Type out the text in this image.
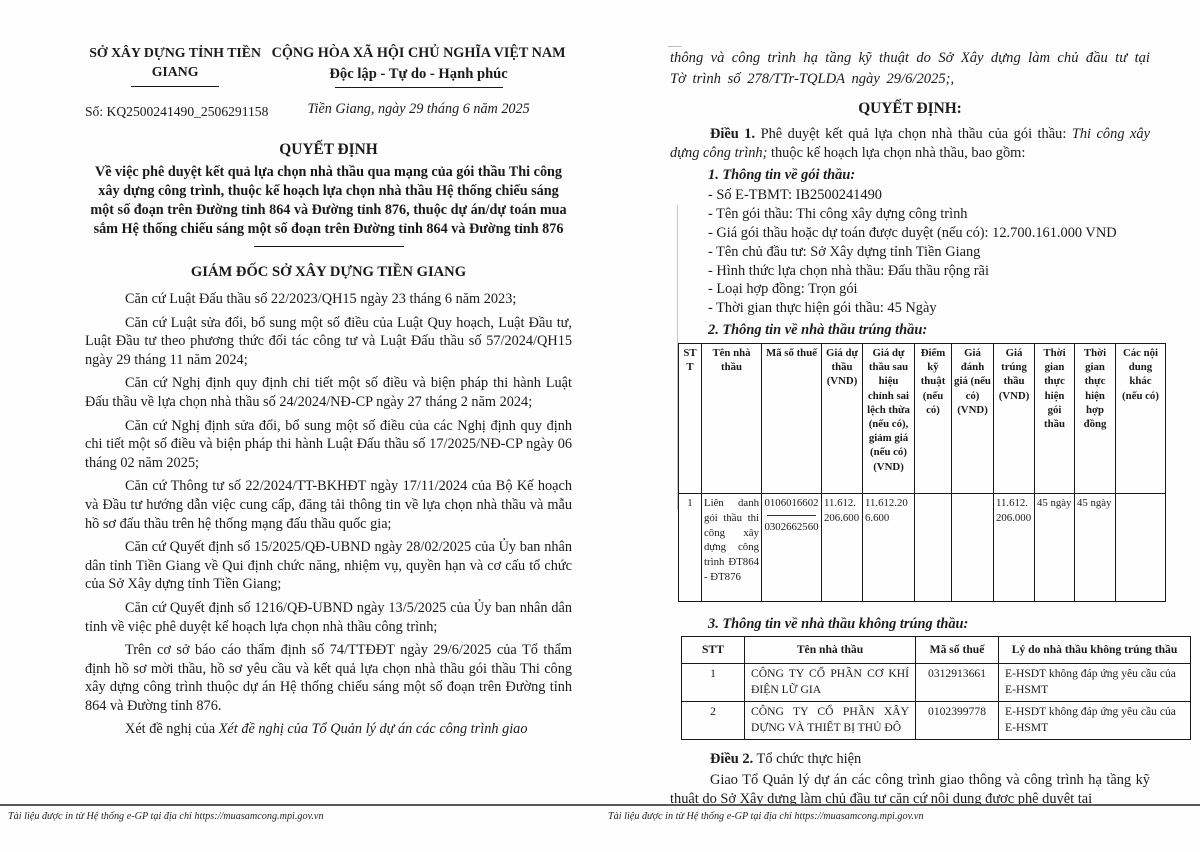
SỞ XÂY DỰNG TỈNH TIỀN GIANG
Số: KQ2500241490_2506291158
CỘNG HÒA XÃ HỘI CHỦ NGHĨA VIỆT NAM
Độc lập - Tự do - Hạnh phúc
Tiền Giang, ngày 29 tháng 6 năm 2025
QUYẾT ĐỊNH
Về việc phê duyệt kết quả lựa chọn nhà thầu qua mạng của gói thầu Thi công xây dựng công trình, thuộc kế hoạch lựa chọn nhà thầu Hệ thống chiếu sáng một số đoạn trên Đường tỉnh 864 và Đường tỉnh 876, thuộc dự án/dự toán mua sắm Hệ thống chiếu sáng một số đoạn trên Đường tỉnh 864 và Đường tỉnh 876
GIÁM ĐỐC SỞ XÂY DỰNG TIỀN GIANG

Căn cứ Luật Đấu thầu số 22/2023/QH15 ngày 23 tháng 6 năm 2023;

Căn cứ Luật sửa đổi, bổ sung một số điều của Luật Quy hoạch, Luật Đầu tư, Luật Đầu tư theo phương thức đối tác công tư và Luật Đấu thầu số 57/2024/QH15 ngày 29 tháng 11 năm 2024;

Căn cứ Nghị định quy định chi tiết một số điều và biện pháp thi hành Luật Đấu thầu về lựa chọn nhà thầu số 24/2024/NĐ-CP ngày 27 tháng 2 năm 2024;

Căn cứ Nghị định sửa đổi, bổ sung một số điều của các Nghị định quy định chi tiết một số điều và biện pháp thi hành Luật Đấu thầu số 17/2025/NĐ-CP ngày 06 tháng 02 năm 2025;

Căn cứ Thông tư số 22/2024/TT-BKHĐT ngày 17/11/2024 của Bộ Kế hoạch và Đầu tư hướng dẫn việc cung cấp, đăng tải thông tin về lựa chọn nhà thầu và mẫu hồ sơ đấu thầu trên hệ thống mạng đấu thầu quốc gia;

Căn cứ Quyết định số 15/2025/QĐ-UBND ngày 28/02/2025 của Ủy ban nhân dân tỉnh Tiền Giang về Qui định chức năng, nhiệm vụ, quyền hạn và cơ cấu tổ chức của Sở Xây dựng tỉnh Tiền Giang;

Căn cứ Quyết định số 1216/QĐ-UBND ngày 13/5/2025 của Ủy ban nhân dân tỉnh về việc phê duyệt kế hoạch lựa chọn nhà thầu công trình;

Trên cơ sở báo cáo thẩm định số 74/TTĐĐT ngày 29/6/2025 của Tổ thẩm định hồ sơ mời thầu, hồ sơ yêu cầu và kết quả lựa chọn nhà thầu gói thầu Thi công xây dựng công trình thuộc dự án Hệ thống chiếu sáng một số đoạn trên Đường tỉnh 864 và Đường tỉnh 876.

Xét đề nghị của Xét đề nghị của Tổ Quản lý dự án các công trình giao

Tài liệu được in từ Hệ thống e-GP tại địa chỉ https://muasamcong.mpi.gov.vn

thông và công trình hạ tầng kỹ thuật do Sở Xây dựng làm chủ đầu tư tại Tờ trình số 278/TTr-TQLDA ngày 29/6/2025;,

QUYẾT ĐỊNH:

Điều 1. Phê duyệt kết quả lựa chọn nhà thầu của gói thầu: Thi công xây dựng công trình; thuộc kế hoạch lựa chọn nhà thầu, bao gồm:

1. Thông tin về gói thầu:
- Số E-TBMT: IB2500241490
- Tên gói thầu: Thi công xây dựng công trình
- Giá gói thầu hoặc dự toán được duyệt (nếu có): 12.700.161.000 VND
- Tên chủ đầu tư: Sở Xây dựng tỉnh Tiền Giang
- Hình thức lựa chọn nhà thầu: Đấu thầu rộng rãi
- Loại hợp đồng: Trọn gói
- Thời gian thực hiện gói thầu: 45 Ngày
2. Thông tin về nhà thầu trúng thầu:
STT	Tên nhà thầu	Mã số thuế	Giá dự thầu (VND)	Giá dự thầu sau hiệu chỉnh sai lệch thừa (nếu có), giảm giá (nếu có) (VND)	Điểm kỹ thuật (nếu có)	Giá đánh giá (nếu có) (VND)	Giá trúng thầu (VND)	Thời gian thực hiện gói thầu	Thời gian thực hiện hợp đồng	Các nội dung khác (nếu có)
1	Liên danh gói thầu thi công xây dựng công trình ĐT864 - ĐT876	0106016602
0302662560	11.612.206.600	11.612.206.600			11.612.206.000	45 ngày	45 ngày	
3. Thông tin về nhà thầu không trúng thầu:
STT	Tên nhà thầu	Mã số thuế	Lý do nhà thầu không trúng thầu
1	CÔNG TY CỔ PHẦN CƠ KHÍ ĐIỆN LỮ GIA	0312913661	E-HSDT không đáp ứng yêu cầu của E-HSMT
2	CÔNG TY CỔ PHẦN XÂY DỰNG VÀ THIẾT BỊ THỦ ĐÔ	0102399778	E-HSDT không đáp ứng yêu cầu của E-HSMT

Điều 2. Tổ chức thực hiện

Giao Tổ Quản lý dự án các công trình giao thông và công trình hạ tầng kỹ thuật do Sở Xây dựng làm chủ đầu tư căn cứ nội dung được phê duyệt tại

Tài liệu được in từ Hệ thống e-GP tại địa chỉ https://muasamcong.mpi.gov.vn
